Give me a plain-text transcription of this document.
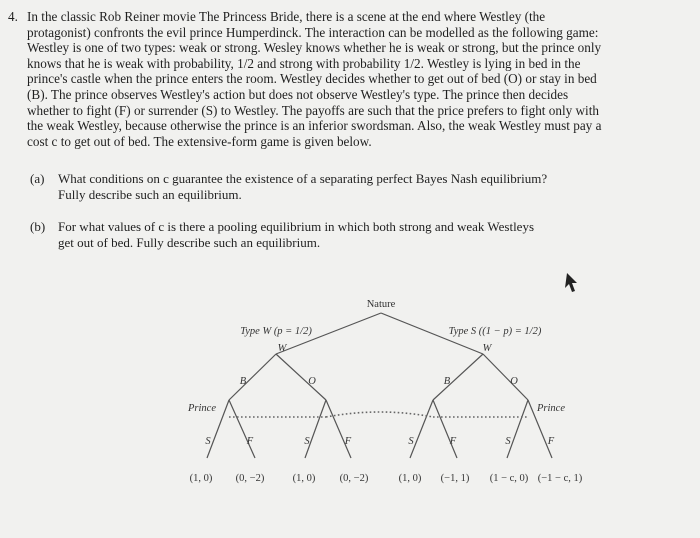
4. In the classic Rob Reiner movie The Princess Bride, there is a scene at the end where Westley (the
protagonist) confronts the evil prince Humperdinck. The interaction can be modelled as the following game:
Westley is one of two types: weak or strong. Wesley knows whether he is weak or strong, but the prince only
knows that he is weak with probability, 1/2 and strong with probability 1/2. Westley is lying in bed in the
prince's castle when the prince enters the room. Westley decides whether to get out of bed (O) or stay in bed
(B). The prince observes Westley's action but does not observe Westley's type. The prince then decides
whether to fight (F) or surrender (S) to Westley. The payoffs are such that the price prefers to fight only with
the weak Westley, because otherwise the prince is an inferior swordsman. Also, the weak Westley must pay a
cost c to get out of bed. The extensive-form game is given below.
(a) What conditions on c guarantee the existence of a separating perfect Bayes Nash equilibrium?
Fully describe such an equilibrium.
(b) For what values of c is there a pooling equilibrium in which both strong and weak Westleys
get out of bed. Fully describe such an equilibrium.
Nature
Type W (p = 1/2)	Type S ((1 − p) = 1/2)
W	W
B	O	B	O
Prince	Prince
S	F	S	F	S	F	S	F
(1, 0) (0, −2)	(1, 0) (0, −2)	(1, 0) (−1, 1) (1 − c, 0) (−1 − c, 1)
